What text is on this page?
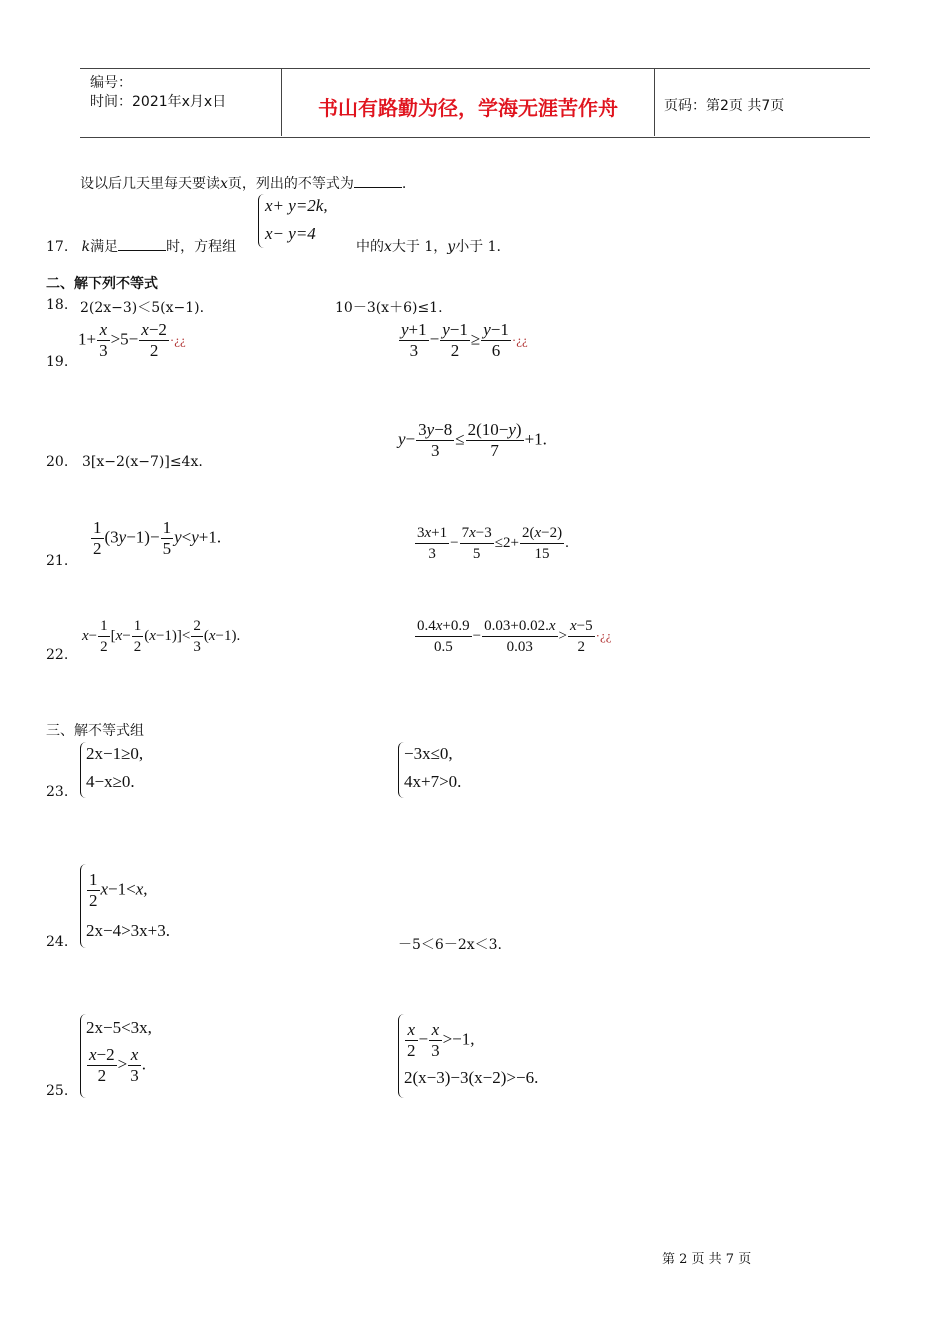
编号：
时间：2021年x月x日	书山有路勤为径，学海无涯苦作舟	页码：第2页 共7页
设以后几天里每天要读x页，列出的不等式为	.
17. k满足	时，方程组
x+ y=2k,
x− y=4
中的x大于 1，y小于 1.
二、解下列不等式
18. 2(2x−3)＜5(x−1).	10－3(x＋6)≤1.
19.
$1+ \frac{x}{3} >5- \frac{x-2}{2}$ ·¿¿	$\frac{y+1}{3} - \frac{y-1}{2} \ge \frac{y-1}{6}$ ·¿¿
20. 3[x−2(x−7)]≤4x.
$y- \frac{3y-8}{3} \le \frac{2(10-y)}{7} +1$.
21.
$\frac{1}{2} (3y-1)- \frac{1}{5} y<y+1$.	$\frac{3x+1}{3} - \frac{7x-3}{5} \le 2+ \frac{2(x-2)}{15}$ .
22.
$x- \frac{1}{2} [x- \frac{1}{2} (x-1)]< \frac{2}{3} (x-1)$.	$\frac{0.4x+0.9}{0.5} - \frac{0.03+0.02.x}{0.03} > \frac{x-5}{2}$ ·¿¿
三、解不等式组
23.
2x−1≥0,
4−x≥0.
−3x≤0,
4x+7>0.
24.
$\frac{1}{2} x-1<x$,
2x−4>3x+3.
－5＜6－2x＜3.
25.
2x−5<3x,
$\frac{x-2}{2} > \frac{x}{3}$ .
$\frac{x}{2} - \frac{x}{3} >-1$,
2(x−3)−3(x−2)>−6.
第 2 页 共 7 页
